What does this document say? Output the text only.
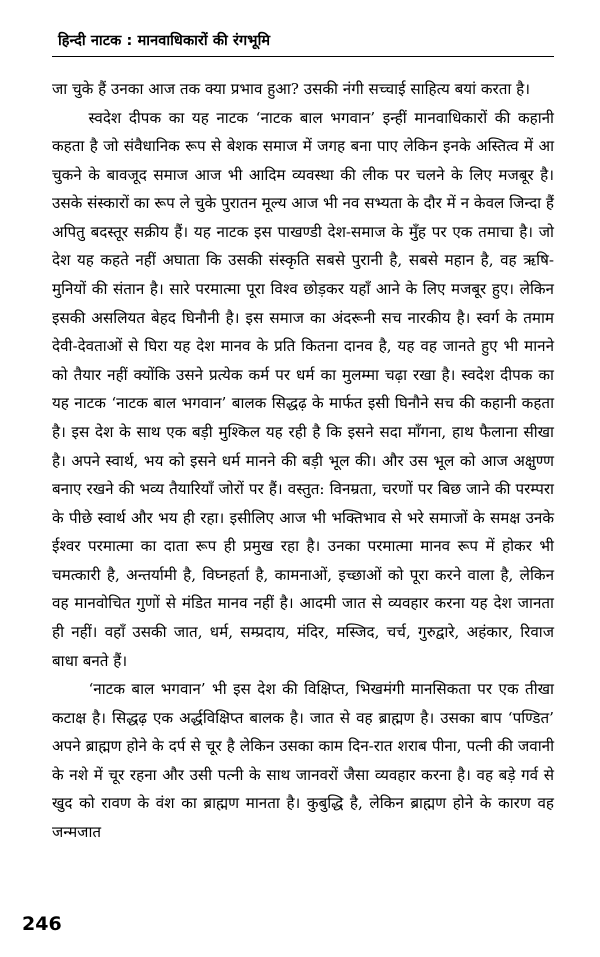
हिन्दी नाटक : मानवाधिकारों की रंगभूमि

जा चुके हैं उनका आज तक क्या प्रभाव हुआ? उसकी नंगी सच्चाई साहित्य बयां करता है।

स्वदेश दीपक का यह नाटक ‘नाटक बाल भगवान’ इन्हीं मानवाधिकारों की कहानी कहता है जो संवैधानिक रूप से बेशक समाज में जगह बना पाए लेकिन इनके अस्तित्व में आ चुकने के बावजूद समाज आज भी आदिम व्यवस्था की लीक पर चलने के लिए मजबूर है। उसके संस्कारों का रूप ले चुके पुरातन मूल्य आज भी नव सभ्यता के दौर में न केवल जिन्दा हैं अपितु बदस्तूर सक्रीय हैं। यह नाटक इस पाखण्डी देश-समाज के मुँह पर एक तमाचा है। जो देश यह कहते नहीं अघाता कि उसकी संस्कृति सबसे पुरानी है, सबसे महान है, वह ऋषि-मुनियों की संतान है। सारे परमात्मा पूरा विश्व छोड़कर यहाँ आने के लिए मजबूर हुए। लेकिन इसकी असलियत बेहद घिनौनी है। इस समाज का अंदरूनी सच नारकीय है। स्वर्ग के तमाम देवी-देवताओं से घिरा यह देश मानव के प्रति कितना दानव है, यह वह जानते हुए भी मानने को तैयार नहीं क्योंकि उसने प्रत्येक कर्म पर धर्म का मुलम्मा चढ़ा रखा है। स्वदेश दीपक का यह नाटक ‘नाटक बाल भगवान’ बालक सिद्धढ़ के मार्फत इसी घिनौने सच की कहानी कहता है। इस देश के साथ एक बड़ी मुश्किल यह रही है कि इसने सदा माँगना, हाथ फैलाना सीखा है। अपने स्वार्थ, भय को इसने धर्म मानने की बड़ी भूल की। और उस भूल को आज अक्षुण्ण बनाए रखने की भव्य तैयारियाँ जोरों पर हैं। वस्तुत: विनम्रता, चरणों पर बिछ जाने की परम्परा के पीछे स्वार्थ और भय ही रहा। इसीलिए आज भी भक्तिभाव से भरे समाजों के समक्ष उनके ईश्वर परमात्मा का दाता रूप ही प्रमुख रहा है। उनका परमात्मा मानव रूप में होकर भी चमत्कारी है, अन्तर्यामी है, विघ्नहर्ता है, कामनाओं, इच्छाओं को पूरा करने वाला है, लेकिन वह मानवोचित गुणों से मंडित मानव नहीं है। आदमी जात से व्यवहार करना यह देश जानता ही नहीं। वहाँ उसकी जात, धर्म, सम्प्रदाय, मंदिर, मस्जिद, चर्च, गुरुद्वारे, अहंकार, रिवाज बाधा बनते हैं।

‘नाटक बाल भगवान’ भी इस देश की विक्षिप्त, भिखमंगी मानसिकता पर एक तीखा कटाक्ष है। सिद्धढ़ एक अर्द्धविक्षिप्त बालक है। जात से वह ब्राह्मण है। उसका बाप ‘पण्डित’ अपने ब्राह्मण होने के दर्प से चूर है लेकिन उसका काम दिन-रात शराब पीना, पत्नी की जवानी के नशे में चूर रहना और उसी पत्नी के साथ जानवरों जैसा व्यवहार करना है। वह बड़े गर्व से खुद को रावण के वंश का ब्राह्मण मानता है। कुबुद्धि है, लेकिन ब्राह्मण होने के कारण वह जन्मजात

246
